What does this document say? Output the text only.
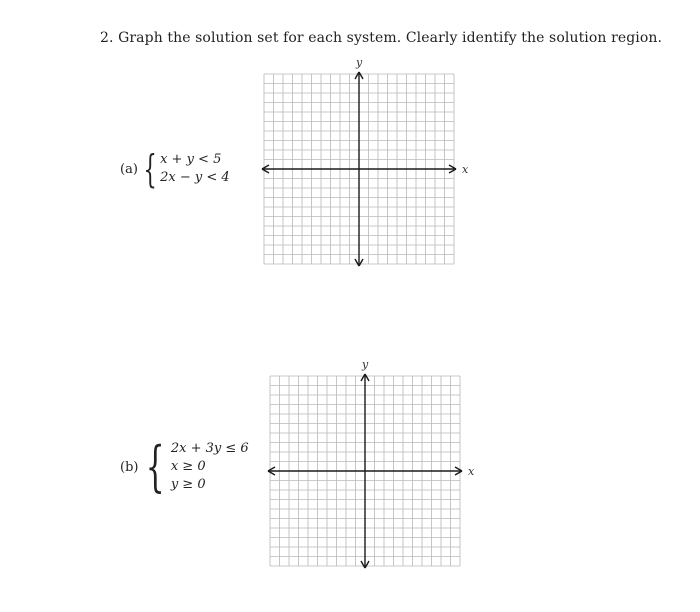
2. Graph the solution set for each system. Clearly identify the solution region.
(a) { x + y < 5
2x − y < 4
x
y
(b) { 2x + 3y ≤ 6
x ≥ 0
y ≥ 0
x
y
